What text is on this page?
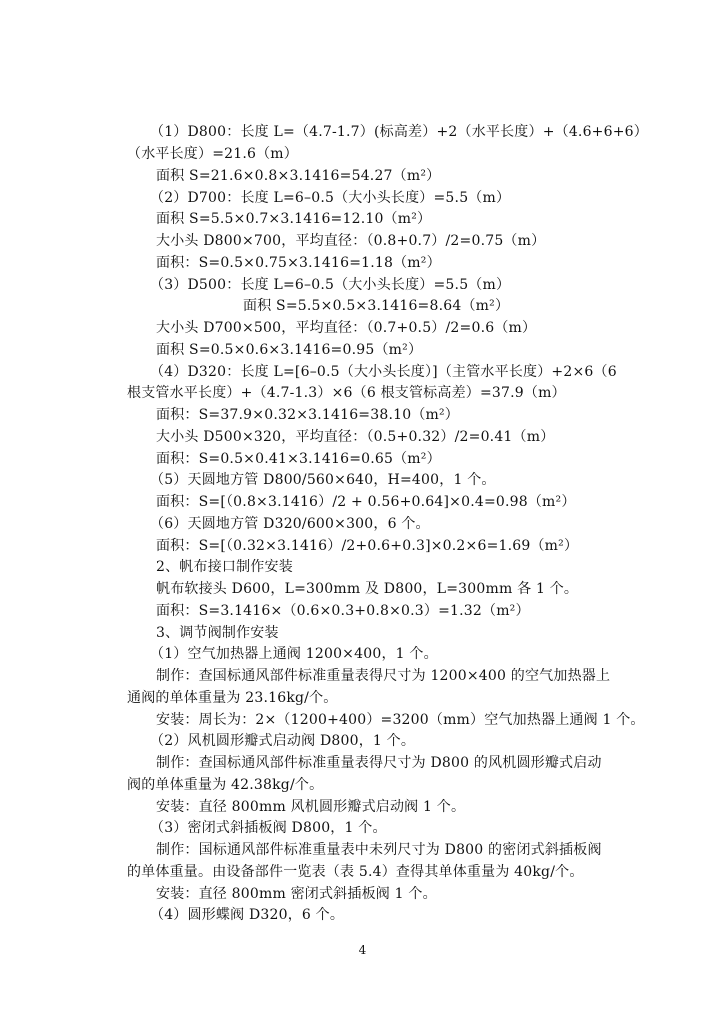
（1）D800：长度 L=（4.7-1.7）(标高差）+2（水平长度）+（4.6+6+6）
（水平长度）=21.6（m）
面积 S=21.6×0.8×3.1416=54.27（m²）
（2）D700：长度 L=6–0.5（大小头长度）=5.5（m）
面积 S=5.5×0.7×3.1416=12.10（m²）
大小头 D800×700，平均直径：（0.8+0.7）/2=0.75（m）
面积：S=0.5×0.75×3.1416=1.18（m²）
（3）D500：长度 L=6–0.5（大小头长度）=5.5（m）
面积 S=5.5×0.5×3.1416=8.64（m²）
大小头 D700×500，平均直径：（0.7+0.5）/2=0.6（m）
面积 S=0.5×0.6×3.1416=0.95（m²）
（4）D320：长度 L=[6–0.5（大小头长度）]（主管水平长度）+2×6（6
根支管水平长度）+（4.7-1.3）×6（6 根支管标高差）=37.9（m）
面积：S=37.9×0.32×3.1416=38.10（m²）
大小头 D500×320，平均直径：（0.5+0.32）/2=0.41（m）
面积：S=0.5×0.41×3.1416=0.65（m²）
（5）天圆地方管 D800/560×640，H=400，1 个。
面积：S=[（0.8×3.1416）/2 + 0.56+0.64]×0.4=0.98（m²）
（6）天圆地方管 D320/600×300，6 个。
面积：S=[（0.32×3.1416）/2+0.6+0.3]×0.2×6=1.69（m²）
2、帆布接口制作安装
帆布软接头 D600，L=300mm 及 D800，L=300mm 各 1 个。
面积：S=3.1416×（0.6×0.3+0.8×0.3）=1.32（m²）
3、调节阀制作安装
（1）空气加热器上通阀 1200×400，1 个。
制作：查国标通风部件标准重量表得尺寸为 1200×400 的空气加热器上
通阀的单体重量为 23.16kg/个。
安装：周长为：2×（1200+400）=3200（mm）空气加热器上通阀 1 个。
（2）风机圆形瓣式启动阀 D800，1 个。
制作：查国标通风部件标准重量表得尺寸为 D800 的风机圆形瓣式启动
阀的单体重量为 42.38kg/个。
安装：直径 800mm 风机圆形瓣式启动阀 1 个。
（3）密闭式斜插板阀 D800，1 个。
制作：国标通风部件标准重量表中未列尺寸为 D800 的密闭式斜插板阀
的单体重量。由设备部件一览表（表 5.4）查得其单体重量为 40kg/个。
安装：直径 800mm 密闭式斜插板阀 1 个。
（4）圆形蝶阀 D320，6 个。
4
